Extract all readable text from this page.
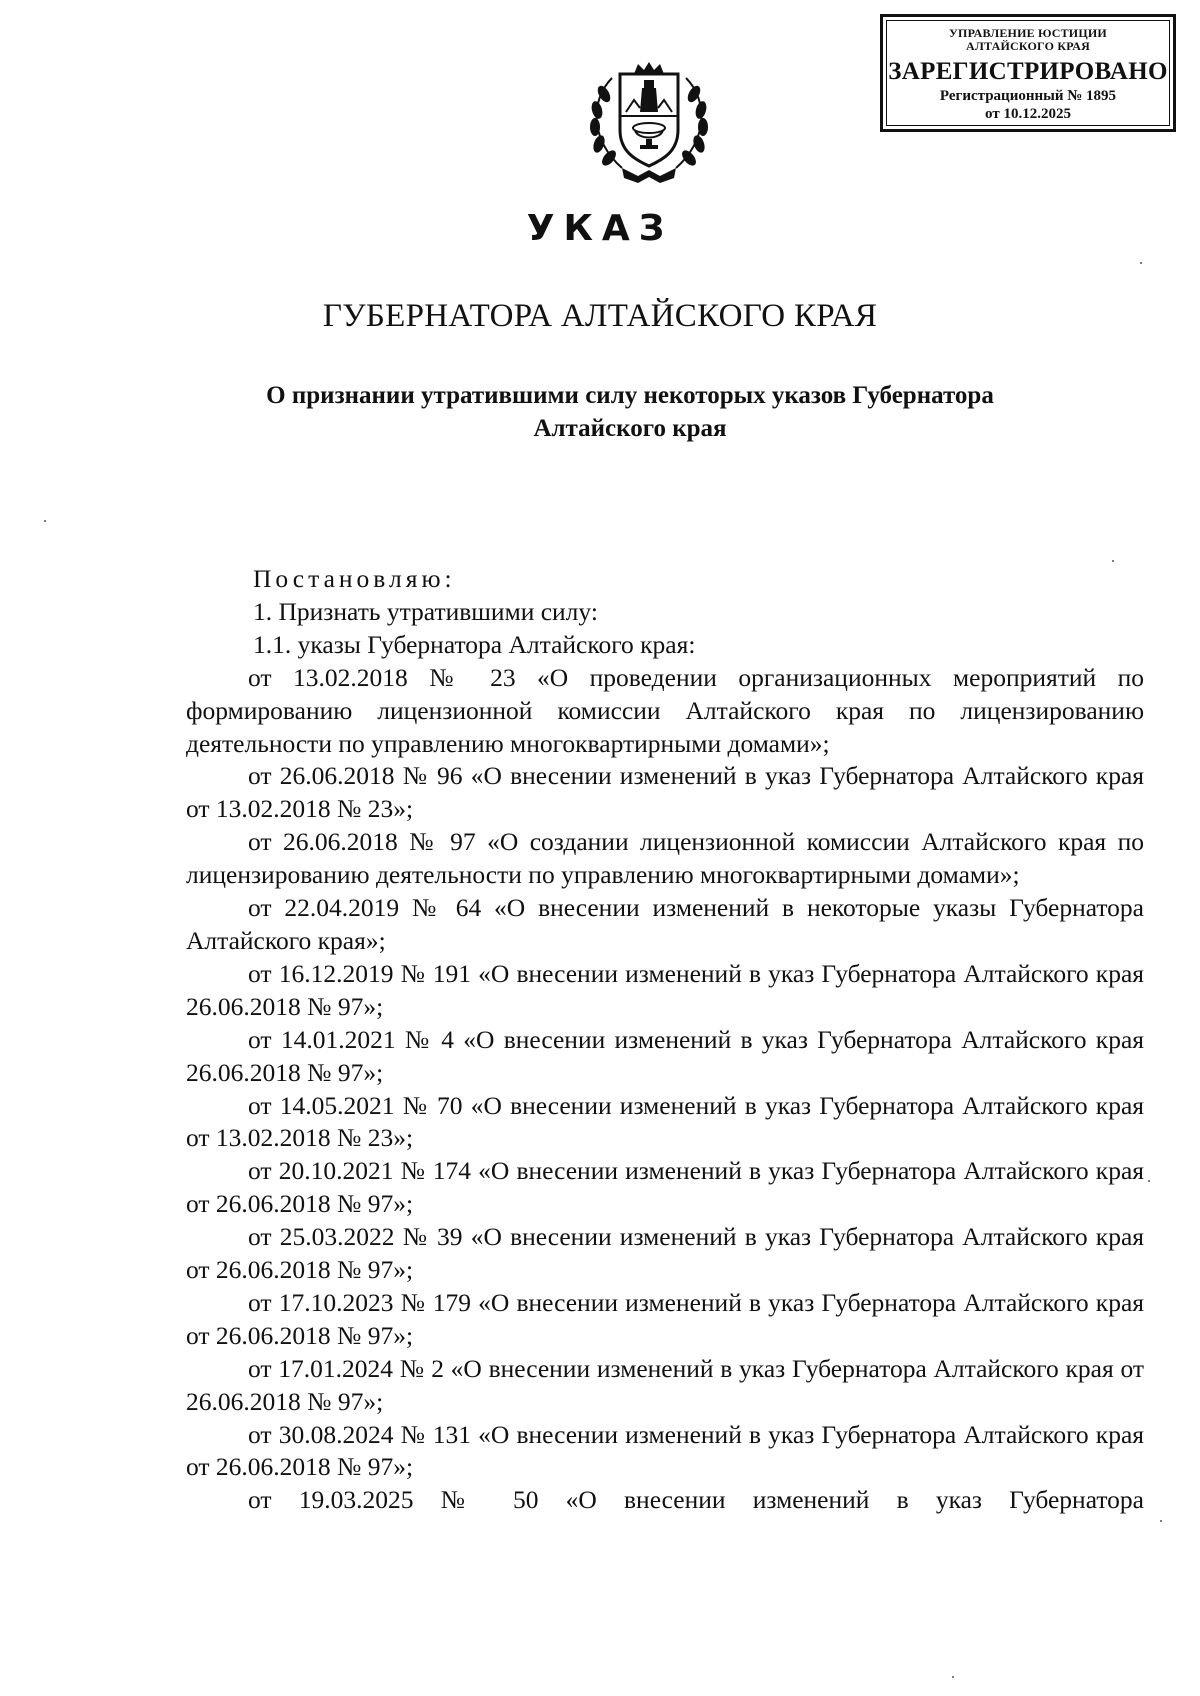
УПРАВЛЕНИЕ ЮСТИЦИИ
АЛТАЙСКОГО КРАЯ
ЗАРЕГИСТРИРОВАНО
Регистрационный № 1895
от 10.12.2025
УКАЗ
ГУБЕРНАТОРА АЛТАЙСКОГО КРАЯ
О признании утратившими силу некоторых указов Губернатора Алтайского края

Постановляю:

1. Признать утратившими силу:

1.1. указы Губернатора Алтайского края:

от 13.02.2018 № 23 «О проведении организационных мероприятий по формированию лицензионной комиссии Алтайского края по лицензированию деятельности по управлению многоквартирными домами»;

от 26.06.2018 № 96 «О внесении изменений в указ Губернатора Алтайского края от 13.02.2018 № 23»;

от 26.06.2018 № 97 «О создании лицензионной комиссии Алтайского края по лицензированию деятельности по управлению многоквартирными домами»;

от 22.04.2019 № 64 «О внесении изменений в некоторые указы Губернатора Алтайского края»;

от 16.12.2019 № 191 «О внесении изменений в указ Губернатора Алтайского края 26.06.2018 № 97»;

от 14.01.2021 № 4 «О внесении изменений в указ Губернатора Алтайского края 26.06.2018 № 97»;

от 14.05.2021 № 70 «О внесении изменений в указ Губернатора Алтайского края от 13.02.2018 № 23»;

от 20.10.2021 № 174 «О внесении изменений в указ Губернатора Алтайского края от 26.06.2018 № 97»;

от 25.03.2022 № 39 «О внесении изменений в указ Губернатора Алтайского края от 26.06.2018 № 97»;

от 17.10.2023 № 179 «О внесении изменений в указ Губернатора Алтайского края от 26.06.2018 № 97»;

от 17.01.2024 № 2 «О внесении изменений в указ Губернатора Алтайского края от 26.06.2018 № 97»;

от 30.08.2024 № 131 «О внесении изменений в указ Губернатора Алтайского края от 26.06.2018 № 97»;

от 19.03.2025 № 50 «О внесении изменений в указ Губернатора
